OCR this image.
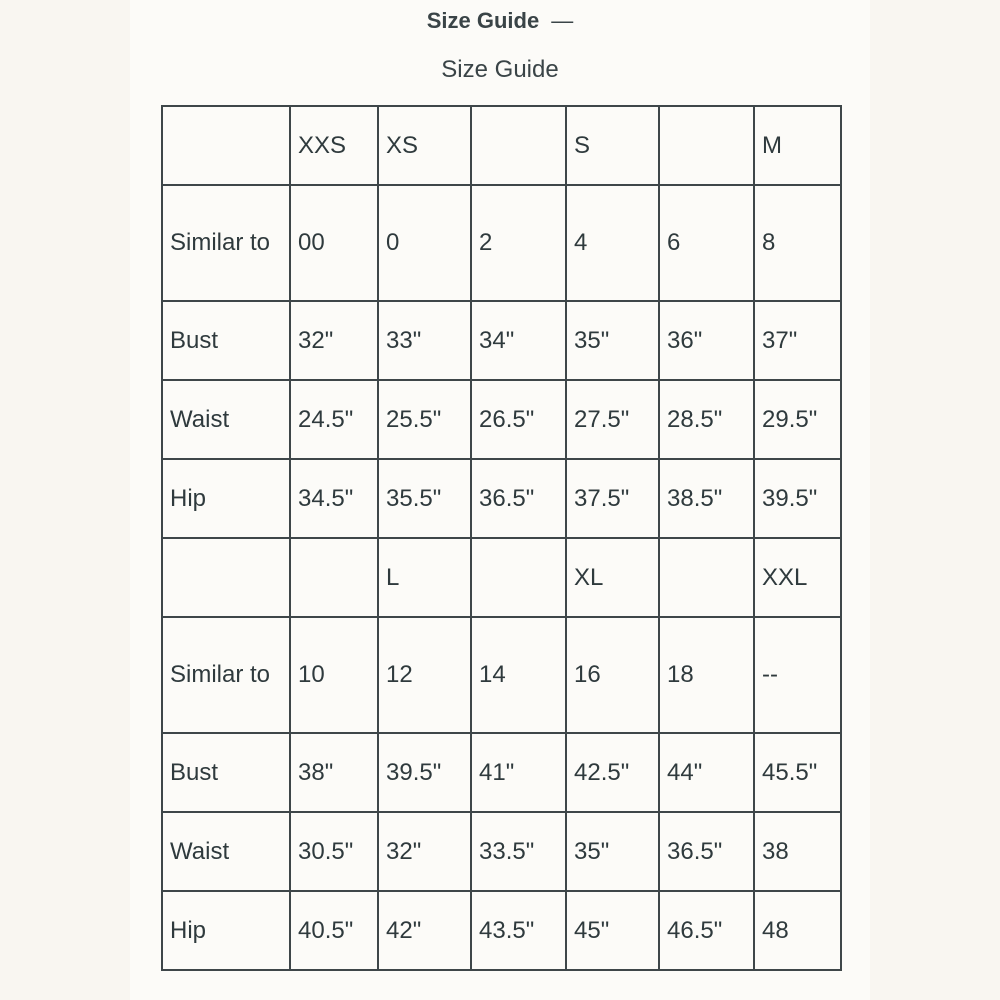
Size Guide —
Size Guide
	XXS	XS		S		M
Similar to	00	0	2	4	6	8
Bust	32"	33"	34"	35"	36"	37"
Waist	24.5"	25.5"	26.5"	27.5"	28.5"	29.5"
Hip	34.5"	35.5"	36.5"	37.5"	38.5"	39.5"
		L		XL		XXL
Similar to	10	12	14	16	18	--
Bust	38"	39.5"	41"	42.5"	44"	45.5"
Waist	30.5"	32"	33.5"	35"	36.5"	38
Hip	40.5"	42"	43.5"	45"	46.5"	48
